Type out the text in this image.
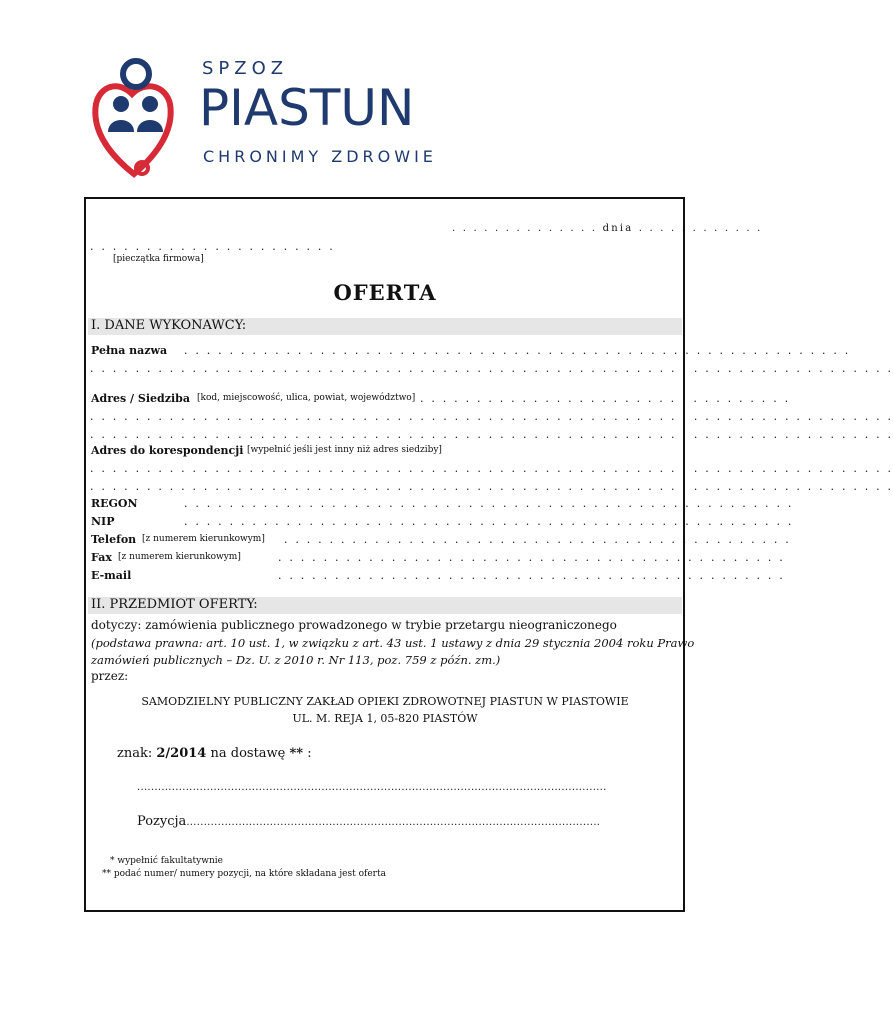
SPZOZ
PIASTUN
CHRONIMY ZDROWIE
. . . . . . . . . . . . . . dnia . . . . . . . . . . . .
. . . . . . . . . . . . . . . . . . . . . .
[pieczątka firmowa]
OFERTA
I. DANE WYKONAWCY:
Pełna nazwa . . . . . . . . . . . . . . . . . . . . . . . . . . . . . . . . . . . . . . . . . . . . . . . . . . . . . . . . . . .
. . . . . . . . . . . . . . . . . . . . . . . . . . . . . . . . . . . . . . . . . . . . . . . . . . . . . . . . . . . . . . . . . . . . . . .
Adres / Siedziba [kod, miejscowość, ulica, powiat, województwo] . . . . . . . . . . . . . . . . . . . . . . . . . . . . . . . . .
. . . . . . . . . . . . . . . . . . . . . . . . . . . . . . . . . . . . . . . . . . . . . . . . . . . . . . . . . . . . . . . . . . . . . . .
. . . . . . . . . . . . . . . . . . . . . . . . . . . . . . . . . . . . . . . . . . . . . . . . . . . . . . . . . . . . . . . . . . . . . . .
Adres do korespondencji [wypełnić jeśli jest inny niż adres siedziby]
. . . . . . . . . . . . . . . . . . . . . . . . . . . . . . . . . . . . . . . . . . . . . . . . . . . . . . . . . . . . . . . . . . . . . . .
. . . . . . . . . . . . . . . . . . . . . . . . . . . . . . . . . . . . . . . . . . . . . . . . . . . . . . . . . . . . . . . . . . . . . . .
REGON	. . . . . . . . . . . . . . . . . . . . . . . . . . . . . . . . . . . . . . . . . . . . . . . . . . . . . .
NIP	. . . . . . . . . . . . . . . . . . . . . . . . . . . . . . . . . . . . . . . . . . . . . . . . . . . . . .
Telefon [z numerem kierunkowym] . . . . . . . . . . . . . . . . . . . . . . . . . . . . . . . . . . . . . . . . . . . . .
Fax [z numerem kierunkowym]	. . . . . . . . . . . . . . . . . . . . . . . . . . . . . . . . . . . . . . . . . . . . .
E-mail	. . . . . . . . . . . . . . . . . . . . . . . . . . . . . . . . . . . . . . . . . . . . .
II. PRZEDMIOT OFERTY:
dotyczy: zamówienia publicznego prowadzonego w trybie przetargu nieograniczonego
(podstawa prawna: art. 10 ust. 1, w związku z art. 43 ust. 1 ustawy z dnia 29 stycznia 2004 roku Prawo
zamówień publicznych – Dz. U. z 2010 r. Nr 113, poz. 759 z późn. zm.)
przez:
SAMODZIELNY PUBLICZNY ZAKŁAD OPIEKI ZDROWOTNEJ PIASTUN W PIASTOWIE
UL. M. REJA 1, 05-820 PIASTÓW
znak: 2/2014 na dostawę ** :
.......................................................................................................................................
Pozycja.......................................................................................................................
* wypełnić fakultatywnie
** podać numer/ numery pozycji, na które składana jest oferta
